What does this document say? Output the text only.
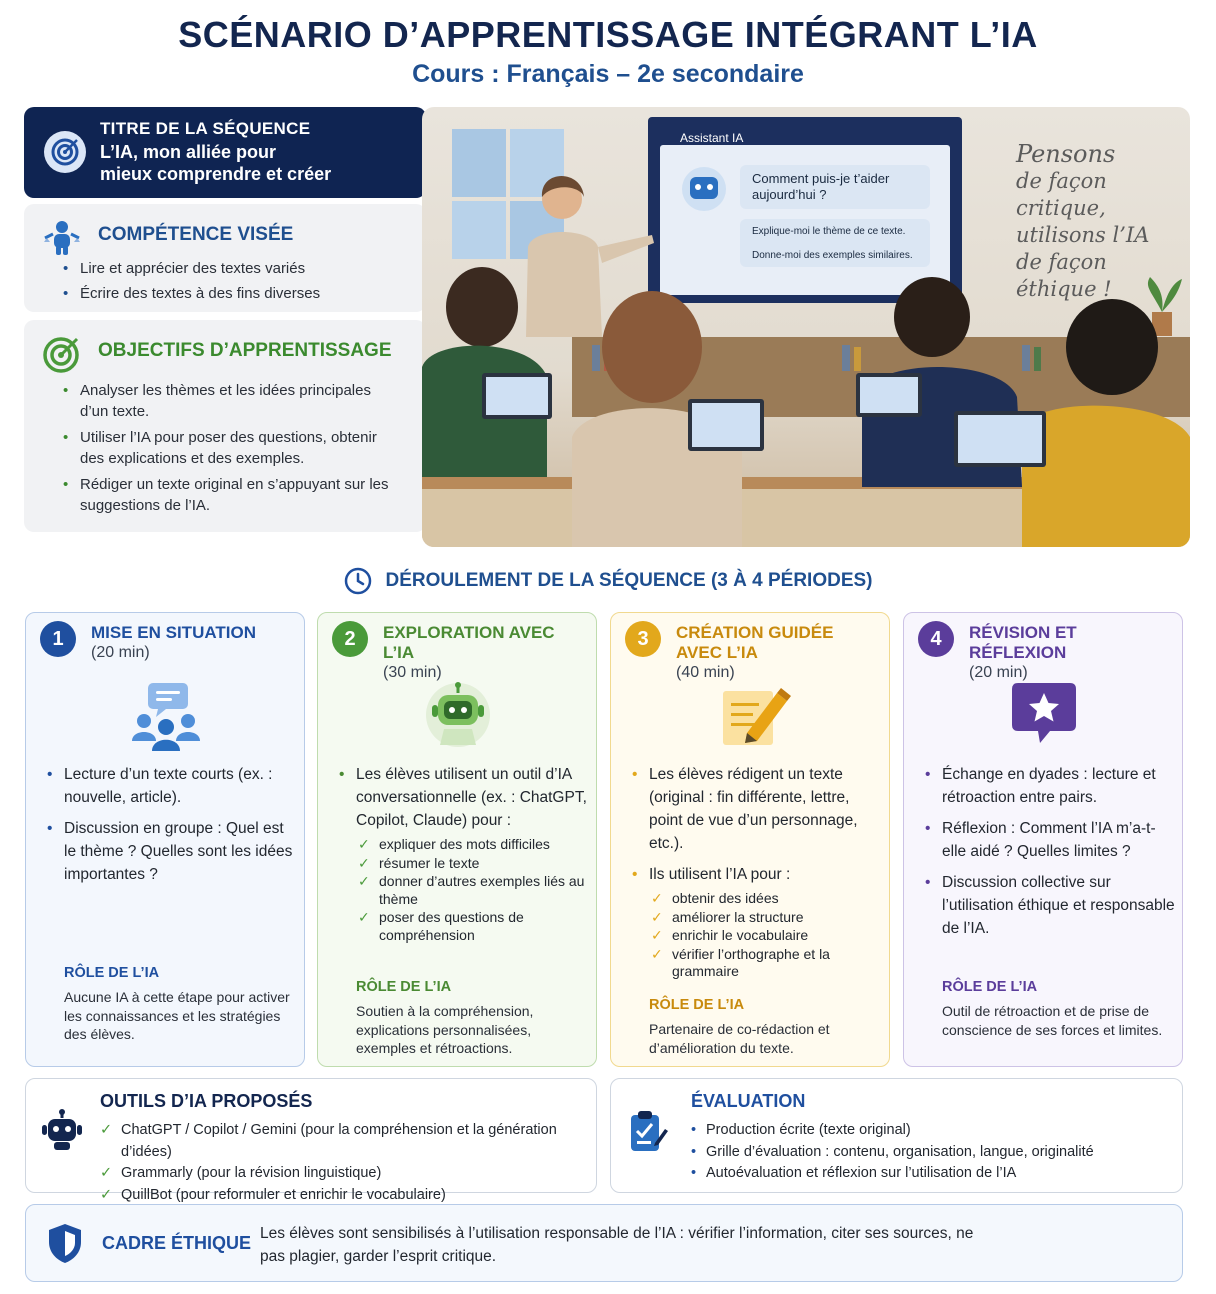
SCÉNARIO D’APPRENTISSAGE INTÉGRANT L’IA
Cours : Français – 2e secondaire
TITRE DE LA SÉQUENCE
L’IA, mon alliée pour
mieux comprendre et créer
COMPÉTENCE VISÉE
• Lire et apprécier des textes variés
• Écrire des textes à des fins diverses
OBJECTIFS D’APPRENTISSAGE
• Analyser les thèmes et les idées principales d’un texte.
• Utiliser l’IA pour poser des questions, obtenir des explications et des exemples.
• Rédiger un texte original en s’appuyant sur les suggestions de l’IA.
Assistant IA
Comment puis-je t’aider aujourd’hui ?
Explique-moi le thème de ce texte.
Donne-moi des exemples similaires.
Pensons
de façon critique,
utilisons l’IA
de façon éthique !
DÉROULEMENT DE LA SÉQUENCE (3 À 4 PÉRIODES)
1	MISE EN SITUATION
(20 min)
• Lecture d’un texte courts (ex. : nouvelle, article).
• Discussion en groupe : Quel est le thème ? Quelles sont les idées importantes ?
RÔLE DE L’IA
Aucune IA à cette étape pour activer les connaissances et les stratégies des élèves.
2	EXPLORATION AVEC L’IA
(30 min)
• Les élèves utilisent un outil d’IA conversationnelle (ex. : ChatGPT, Copilot, Claude) pour :
✓ expliquer des mots difficiles
✓ résumer le texte
✓ donner d’autres exemples liés au thème
✓ poser des questions de compréhension
RÔLE DE L’IA
Soutien à la compréhension, explications personnalisées, exemples et rétroactions.
3	CRÉATION GUIDÉE
AVEC L’IA
(40 min)
• Les élèves rédigent un texte (original : fin différente, lettre, point de vue d’un personnage, etc.).
• Ils utilisent l’IA pour :
✓ obtenir des idées
✓ améliorer la structure
✓ enrichir le vocabulaire
✓ vérifier l’orthographe et la grammaire
RÔLE DE L’IA
Partenaire de co-rédaction et d’amélioration du texte.
4	RÉVISION ET RÉFLEXION
(20 min)
• Échange en dyades : lecture et rétroaction entre pairs.
• Réflexion : Comment l’IA m’a-t-elle aidé ? Quelles limites ?
• Discussion collective sur l’utilisation éthique et responsable de l’IA.
RÔLE DE L’IA
Outil de rétroaction et de prise de conscience de ses forces et limites.
OUTILS D’IA PROPOSÉS
✓ ChatGPT / Copilot / Gemini (pour la compréhension et la génération d’idées)
✓ Grammarly (pour la révision linguistique)
✓ QuillBot (pour reformuler et enrichir le vocabulaire)
ÉVALUATION
• Production écrite (texte original)
• Grille d’évaluation : contenu, organisation, langue, originalité
• Autoévaluation et réflexion sur l’utilisation de l’IA
CADRE ÉTHIQUE Les élèves sont sensibilisés à l’utilisation responsable de l’IA : vérifier l’information, citer ses sources, ne pas plagier, garder l’esprit critique.
